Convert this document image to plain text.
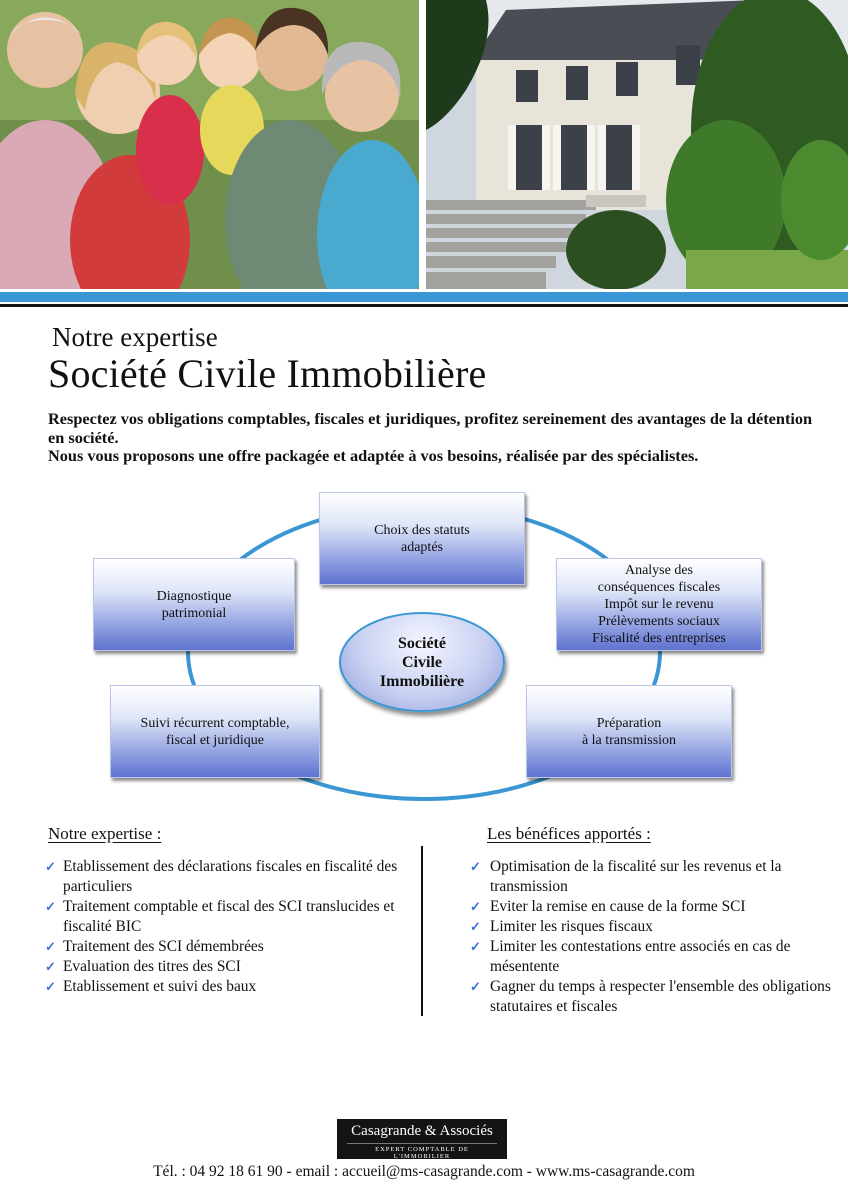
Notre expertise
Société Civile Immobilière

Respectez vos obligations comptables, fiscales et juridiques, profitez sereinement des avantages de la détention en société.

Nous vous proposons une offre packagée et adaptée à vos besoins, réalisée par des spécialistes.

Choix des statuts
adaptés
Diagnostique
patrimonial
Analyse des
conséquences fiscales
Impôt sur le revenu
Prélèvements sociaux
Fiscalité des entreprises
Suivi récurrent comptable,
fiscal et juridique
Préparation
à la transmission
Société
Civile
Immobilière
Notre expertise :
✓ Etablissement des déclarations fiscales en fiscalité des particuliers
✓ Traitement comptable et fiscal des SCI translucides et fiscalité BIC
✓ Traitement des SCI démembrées
✓ Evaluation des titres des SCI
✓ Etablissement et suivi des baux
Les bénéfices apportés :
✓ Optimisation de la fiscalité sur les revenus et la transmission
✓ Eviter la remise en cause de la forme SCI
✓ Limiter les risques fiscaux
✓ Limiter les contestations entre associés en cas de mésentente
✓ Gagner du temps à respecter l'ensemble des obligations statutaires et fiscales
Casagrande & Associés
EXPERT COMPTABLE DE L'IMMOBILIER
Tél. : 04 92 18 61 90 - email : accueil@ms-casagrande.com - www.ms-casagrande.com
